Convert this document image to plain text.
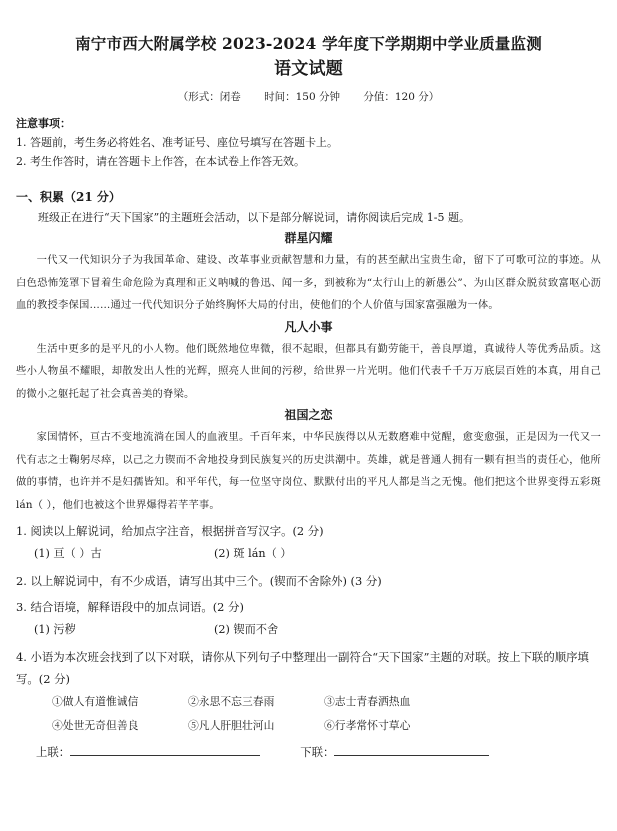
南宁市西大附属学校 2023-2024 学年度下学期期中学业质量监测
语文试题
（形式：闭卷 时间：150 分钟 分值：120 分）
注意事项：
1. 答题前，考生务必将姓名、准考证号、座位号填写在答题卡上。
2. 考生作答时，请在答题卡上作答，在本试卷上作答无效。
一、积累（21 分）
班级正在进行“天下国家”的主题班会活动，以下是部分解说词，请你阅读后完成 1-5 题。
群星闪耀

一代又一代知识分子为我国革命、建设、改革事业贡献智慧和力量，有的甚至献出宝贵生命，留下了可歌可泣的事迹。从白色恐怖笼罩下冒着生命危险为真理和正义呐喊的鲁迅、闻一多，到被称为“太行山上的新愚公”、为山区群众脱贫致富呕心沥血的教授李保国……通过一代代知识分子始终胸怀大局的付出，使他们的个人价值与国家富强融为一体。

凡人小事

生活中更多的是平凡的小人物。他们既然地位卑微，很不起眼，但都具有勤劳能干，善良厚道，真诚待人等优秀品质。这些小人物虽不耀眼，却散发出人性的光辉，照亮人世间的污秽，给世界一片光明。他们代表千千万万底层百姓的本真，用自己的微小之躯托起了社会真善美的脊梁。

祖国之恋

家国情怀，亘古不变地流淌在国人的血液里。千百年来，中华民族得以从无数磨难中觉醒，愈变愈强，正是因为一代又一代有志之士鞠躬尽瘁，以己之力锲而不舍地投身到民族复兴的历史洪潮中。英雄，就是普通人拥有一颗有担当的责任心，他所做的事情，也许并不是妇孺皆知。和平年代，每一位坚守岗位、默默付出的平凡人都是当之无愧。他们把这个世界变得五彩斑 lán（ ），他们也被这个世界爆得若芊芊事。

1. 阅读以上解说词，给加点字注音，根据拼音写汉字。(2 分)
(1) 亘（ ）古	(2) 斑 lán（ ）
2. 以上解说词中，有不少成语，请写出其中三个。(锲而不舍除外) (3 分)
3. 结合语境，解释语段中的加点词语。(2 分)
(1) 污秽	(2) 锲而不舍
4. 小语为本次班会找到了以下对联，请你从下列句子中整理出一副符合“天下国家”主题的对联。按上下联的顺序填写。(2 分)
①做人有道惟诚信	②永思不忘三春雨	③志士青春洒热血
④处世无奇但善良	⑤凡人肝胆壮河山	⑥行孝常怀寸草心
上联：	下联：
